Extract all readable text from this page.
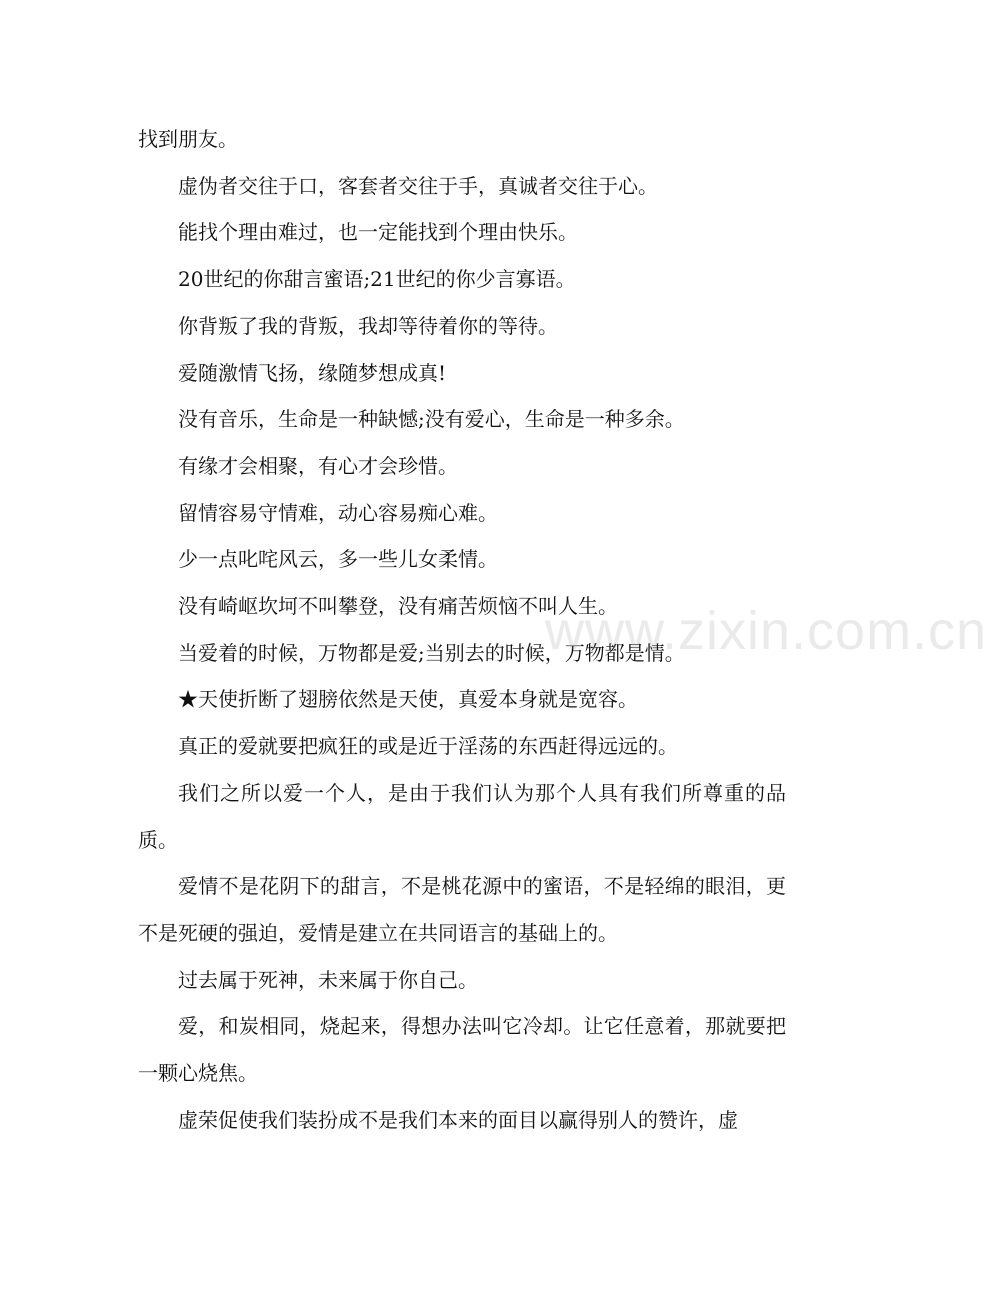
找到朋友。

虚伪者交往于口，客套者交往于手，真诚者交往于心。

能找个理由难过，也一定能找到个理由快乐。

20世纪的你甜言蜜语;21世纪的你少言寡语。

你背叛了我的背叛，我却等待着你的等待。

爱随激情飞扬，缘随梦想成真!

没有音乐，生命是一种缺憾;没有爱心，生命是一种多余。

有缘才会相聚，有心才会珍惜。

留情容易守情难，动心容易痴心难。

少一点叱咤风云，多一些儿女柔情。

没有崎岖坎坷不叫攀登，没有痛苦烦恼不叫人生。

当爱着的时候，万物都是爱;当别去的时候，万物都是情。

★天使折断了翅膀依然是天使，真爱本身就是宽容。

真正的爱就要把疯狂的或是近于淫荡的东西赶得远远的。

我们之所以爱一个人，是由于我们认为那个人具有我们所尊重的品质。

爱情不是花阴下的甜言，不是桃花源中的蜜语，不是轻绵的眼泪，更不是死硬的强迫，爱情是建立在共同语言的基础上的。

过去属于死神，未来属于你自己。

爱，和炭相同，烧起来，得想办法叫它冷却。让它任意着，那就要把一颗心烧焦。

虚荣促使我们装扮成不是我们本来的面目以赢得别人的赞许，虚

www.zixin.com.cn
